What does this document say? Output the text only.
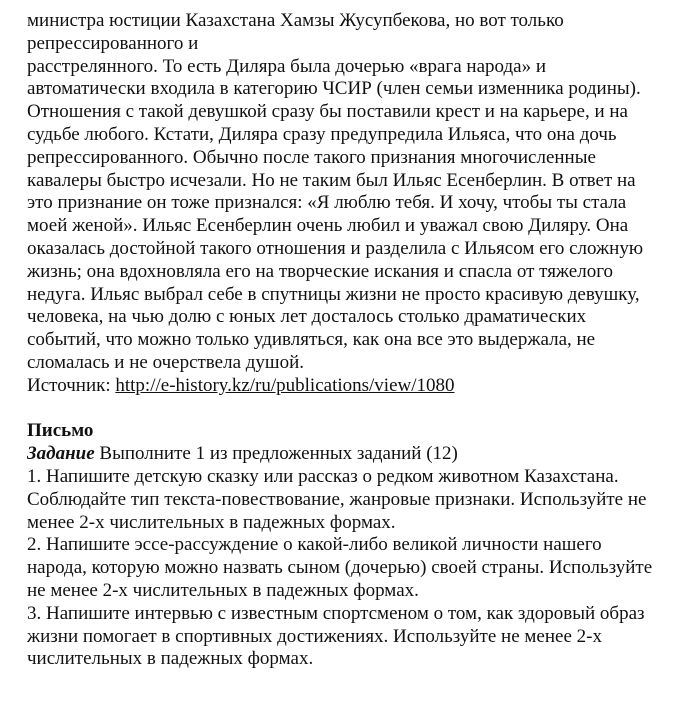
министра юстиции Казахстана Хамзы Жусупбекова, но вот только
репрессированного и
расстрелянного. То есть Диляра была дочерью «врага народа» и
автоматически входила в категорию ЧСИР (член семьи изменника родины).
Отношения с такой девушкой сразу бы поставили крест и на карьере, и на
судьбе любого. Кстати, Диляра сразу предупредила Ильяса, что она дочь
репрессированного. Обычно после такого признания многочисленные
кавалеры быстро исчезали. Но не таким был Ильяс Есенберлин. В ответ на
это признание он тоже признался: «Я люблю тебя. И хочу, чтобы ты стала
моей женой». Ильяс Есенберлин очень любил и уважал свою Диляру. Она
оказалась достойной такого отношения и разделила с Ильясом его сложную
жизнь; она вдохновляла его на творческие искания и спасла от тяжелого
недуга. Ильяс выбрал себе в спутницы жизни не просто красивую девушку,
человека, на чью долю с юных лет досталось столько драматических
событий, что можно только удивляться, как она все это выдержала, не
сломалась и не очерствела душой.
Источник: http://e-history.kz/ru/publications/view/1080
Письмо
Задание Выполните 1 из предложенных заданий (12)
1. Напишите детскую сказку или рассказ о редком животном Казахстана.
Соблюдайте тип текста-повествование, жанровые признаки. Используйте не
менее 2-х числительных в падежных формах.
2. Напишите эссе-рассуждение о какой-либо великой личности нашего
народа, которую можно назвать сыном (дочерью) своей страны. Используйте
не менее 2-х числительных в падежных формах.
3. Напишите интервью с известным спортсменом о том, как здоровый образ
жизни помогает в спортивных достижениях. Используйте не менее 2-х
числительных в падежных формах.
